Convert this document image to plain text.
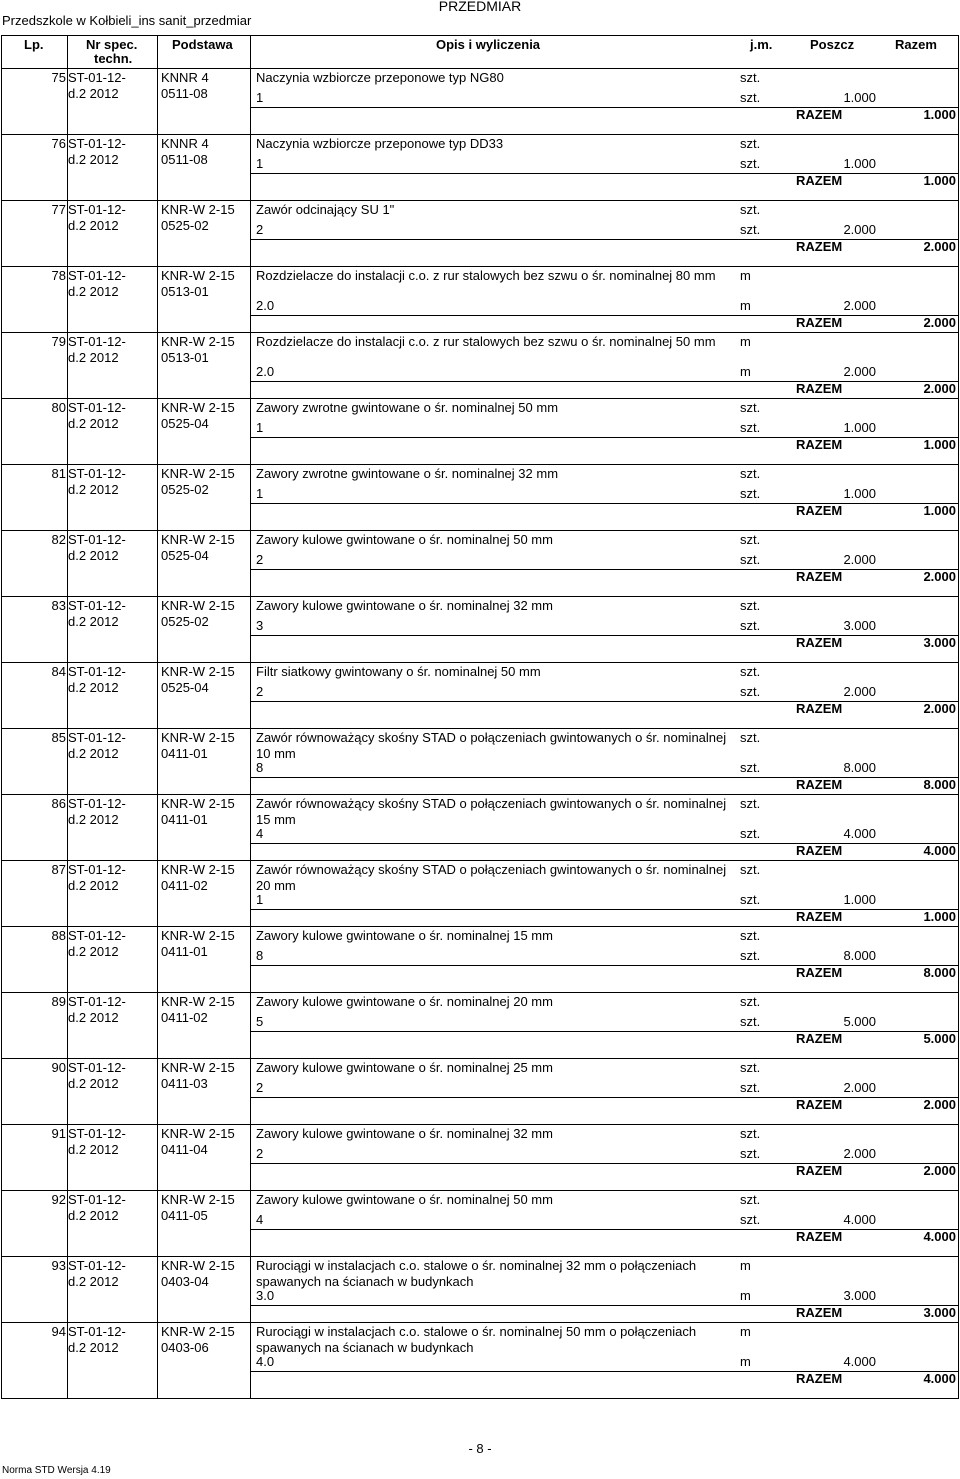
Przedszkole w Kołbieli_ins sanit_przedmiar
PRZEDMIAR
Lp.	Nr spec.
techn.
Podstawa	Opis i wyliczenia	j.m.	Poszcz	Razem
75 ST-01-12-
d.2 2012
KNNR 4
0511-08
Naczynia wzbiorcze przeponowe typ NG80	szt.
1	szt.	1.000
RAZEM	1.000
76 ST-01-12-
d.2 2012
KNNR 4
0511-08
Naczynia wzbiorcze przeponowe typ DD33	szt.
1	szt.	1.000
RAZEM	1.000
77 ST-01-12-
d.2 2012
KNR-W 2-15
0525-02
Zawór odcinający SU 1"	szt.
2	szt.	2.000
RAZEM	2.000
78 ST-01-12-
d.2 2012
KNR-W 2-15
0513-01
Rozdzielacze do instalacji c.o. z rur stalowych bez szwu o śr. nominalnej 80 mm	m
2.0	m	2.000
RAZEM	2.000
79 ST-01-12-
d.2 2012
KNR-W 2-15
0513-01
Rozdzielacze do instalacji c.o. z rur stalowych bez szwu o śr. nominalnej 50 mm	m
2.0	m	2.000
RAZEM	2.000
80 ST-01-12-
d.2 2012
KNR-W 2-15
0525-04
Zawory zwrotne gwintowane o śr. nominalnej 50 mm	szt.
1	szt.	1.000
RAZEM	1.000
81 ST-01-12-
d.2 2012
KNR-W 2-15
0525-02
Zawory zwrotne gwintowane o śr. nominalnej 32 mm	szt.
1	szt.	1.000
RAZEM	1.000
82 ST-01-12-
d.2 2012
KNR-W 2-15
0525-04
Zawory kulowe gwintowane o śr. nominalnej 50 mm	szt.
2	szt.	2.000
RAZEM	2.000
83 ST-01-12-
d.2 2012
KNR-W 2-15
0525-02
Zawory kulowe gwintowane o śr. nominalnej 32 mm	szt.
3	szt.	3.000
RAZEM	3.000
84 ST-01-12-
d.2 2012
KNR-W 2-15
0525-04
Filtr siatkowy gwintowany o śr. nominalnej 50 mm	szt.
2	szt.	2.000
RAZEM	2.000
85 ST-01-12-
d.2 2012
KNR-W 2-15
0411-01
Zawór równoważący skośny STAD o połączeniach gwintowanych o śr. nominalnej 10 mm
szt.
8	szt.	8.000
RAZEM	8.000
86 ST-01-12-
d.2 2012
KNR-W 2-15
0411-01
Zawór równoważący skośny STAD o połączeniach gwintowanych o śr. nominalnej 15 mm
szt.
4	szt.	4.000
RAZEM	4.000
87 ST-01-12-
d.2 2012
KNR-W 2-15
0411-02
Zawór równoważący skośny STAD o połączeniach gwintowanych o śr. nominalnej 20 mm
szt.
1	szt.	1.000
RAZEM	1.000
88 ST-01-12-
d.2 2012
KNR-W 2-15
0411-01
Zawory kulowe gwintowane o śr. nominalnej 15 mm	szt.
8	szt.	8.000
RAZEM	8.000
89 ST-01-12-
d.2 2012
KNR-W 2-15
0411-02
Zawory kulowe gwintowane o śr. nominalnej 20 mm	szt.
5	szt.	5.000
RAZEM	5.000
90 ST-01-12-
d.2 2012
KNR-W 2-15
0411-03
Zawory kulowe gwintowane o śr. nominalnej 25 mm	szt.
2	szt.	2.000
RAZEM	2.000
91 ST-01-12-
d.2 2012
KNR-W 2-15
0411-04
Zawory kulowe gwintowane o śr. nominalnej 32 mm	szt.
2	szt.	2.000
RAZEM	2.000
92 ST-01-12-
d.2 2012
KNR-W 2-15
0411-05
Zawory kulowe gwintowane o śr. nominalnej 50 mm	szt.
4	szt.	4.000
RAZEM	4.000
93 ST-01-12-
d.2 2012
KNR-W 2-15
0403-04
Rurociągi w instalacjach c.o. stalowe o śr. nominalnej 32 mm o połączeniach spawanych na ścianach w budynkach
m
3.0	m	3.000
RAZEM	3.000
94 ST-01-12-
d.2 2012
KNR-W 2-15
0403-06
Rurociągi w instalacjach c.o. stalowe o śr. nominalnej 50 mm o połączeniach spawanych na ścianach w budynkach
m
4.0	m	4.000
RAZEM	4.000
- 8 -
Norma STD Wersja 4.19
